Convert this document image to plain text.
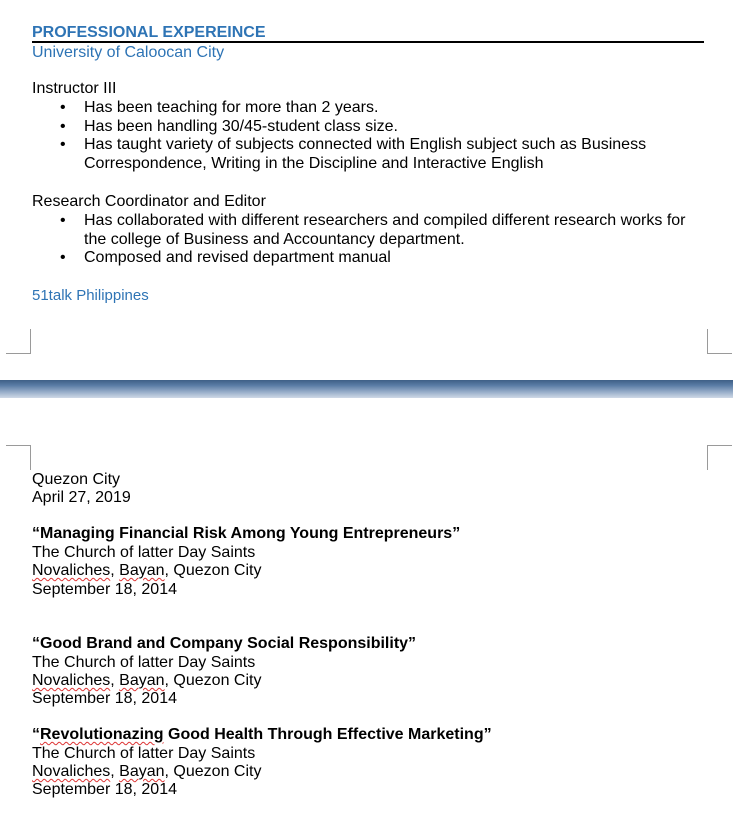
PROFESSIONAL EXPEREINCE
University of Caloocan City
Instructor III
• Has been teaching for more than 2 years.
• Has been handling 30/45-student class size.
• Has taught variety of subjects connected with English subject such as Business
Correspondence, Writing in the Discipline and Interactive English
Research Coordinator and Editor
• Has collaborated with different researchers and compiled different research works for
the college of Business and Accountancy department.
• Composed and revised department manual
51talk Philippines
Quezon City
April 27, 2019
“Managing Financial Risk Among Young Entrepreneurs”
The Church of latter Day Saints
Novaliches, Bayan, Quezon City
September 18, 2014
“Good Brand and Company Social Responsibility”
The Church of latter Day Saints
Novaliches, Bayan, Quezon City
September 18, 2014
“Revolutionazing Good Health Through Effective Marketing”
The Church of latter Day Saints
Novaliches, Bayan, Quezon City
September 18, 2014
